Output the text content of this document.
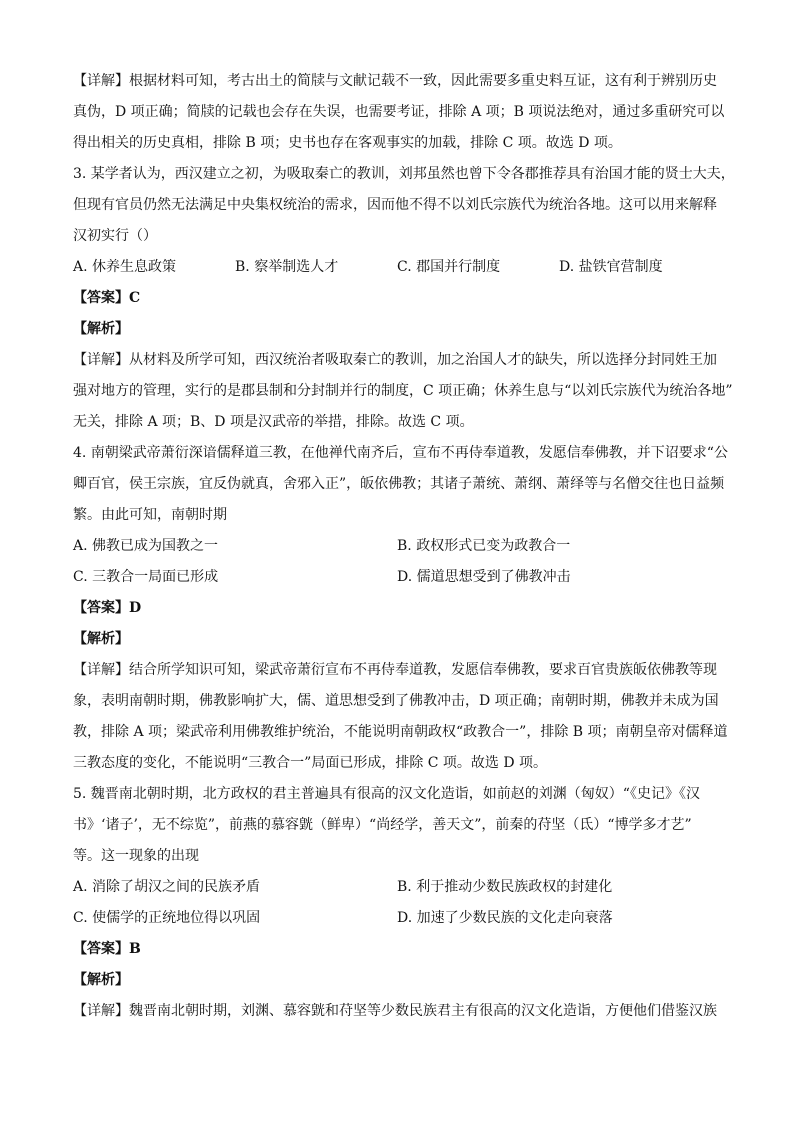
【详解】根据材料可知，考古出土的简牍与文献记载不一致，因此需要多重史料互证，这有利于辨别历史
真伪，D 项正确；简牍的记载也会存在失误，也需要考证，排除 A 项；B 项说法绝对，通过多重研究可以
得出相关的历史真相，排除 B 项；史书也存在客观事实的加载，排除 C 项。故选 D 项。
3. 某学者认为，西汉建立之初，为吸取秦亡的教训，刘邦虽然也曾下令各郡推荐具有治国才能的贤士大夫，
但现有官员仍然无法满足中央集权统治的需求，因而他不得不以刘氏宗族代为统治各地。这可以用来解释
汉初实行（）
A. 休养生息政策	B. 察举制选人才	C. 郡国并行制度	D. 盐铁官营制度
【答案】C
【解析】
【详解】从材料及所学可知，西汉统治者吸取秦亡的教训，加之治国人才的缺失，所以选择分封同姓王加
强对地方的管理，实行的是郡县制和分封制并行的制度，C 项正确；休养生息与“以刘氏宗族代为统治各地”
无关，排除 A 项；B、D 项是汉武帝的举措，排除。故选 C 项。
4. 南朝梁武帝萧衍深谙儒释道三教，在他禅代南齐后，宣布不再侍奉道教，发愿信奉佛教，并下诏要求“公
卿百官，侯王宗族，宜反伪就真，舍邪入正”，皈依佛教；其诸子萧统、萧纲、萧绎等与名僧交往也日益频
繁。由此可知，南朝时期
A. 佛教已成为国教之一	B. 政权形式已变为政教合一
C. 三教合一局面已形成	D. 儒道思想受到了佛教冲击
【答案】D
【解析】
【详解】结合所学知识可知，梁武帝萧衍宣布不再侍奉道教，发愿信奉佛教，要求百官贵族皈依佛教等现
象，表明南朝时期，佛教影响扩大，儒、道思想受到了佛教冲击，D 项正确；南朝时期，佛教并未成为国
教，排除 A 项；梁武帝利用佛教维护统治，不能说明南朝政权“政教合一”，排除 B 项；南朝皇帝对儒释道
三教态度的变化，不能说明“三教合一”局面已形成，排除 C 项。故选 D 项。
5. 魏晋南北朝时期，北方政权的君主普遍具有很高的汉文化造诣，如前赵的刘渊（匈奴）“《史记》《汉
书》‘诸子’，无不综览”，前燕的慕容皝（鲜卑）“尚经学，善天文”，前秦的苻坚（氐）“博学多才艺”
等。这一现象的出现
A. 消除了胡汉之间的民族矛盾	B. 利于推动少数民族政权的封建化
C. 使儒学的正统地位得以巩固	D. 加速了少数民族的文化走向衰落
【答案】B
【解析】
【详解】魏晋南北朝时期，刘渊、慕容皝和苻坚等少数民族君主有很高的汉文化造诣，方便他们借鉴汉族
